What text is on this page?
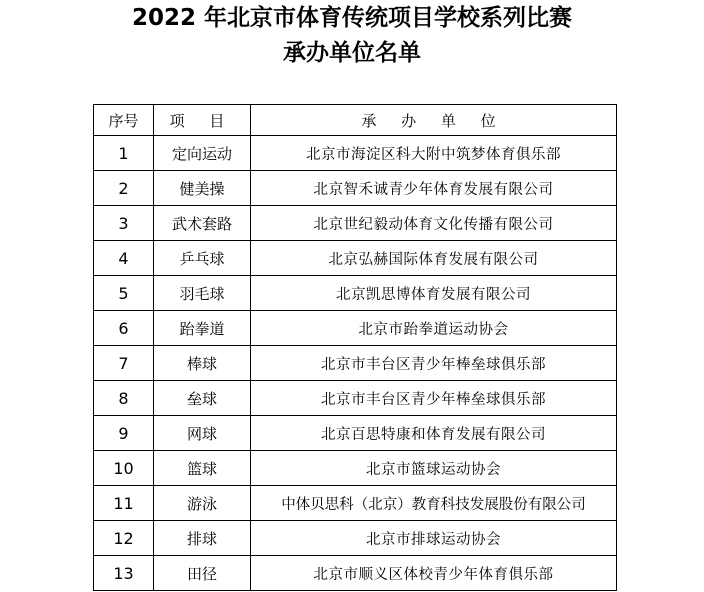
2022 年北京市体育传统项目学校系列比赛
承办单位名单
序号	项 目	承 办 单 位
1	定向运动	北京市海淀区科大附中筑梦体育俱乐部
2	健美操	北京智禾诚青少年体育发展有限公司
3	武术套路	北京世纪毅动体育文化传播有限公司
4	乒乓球	北京弘赫国际体育发展有限公司
5	羽毛球	北京凯思博体育发展有限公司
6	跆拳道	北京市跆拳道运动协会
7	棒球	北京市丰台区青少年棒垒球俱乐部
8	垒球	北京市丰台区青少年棒垒球俱乐部
9	网球	北京百思特康和体育发展有限公司
10	篮球	北京市篮球运动协会
11	游泳	中体贝思科（北京）教育科技发展股份有限公司
12	排球	北京市排球运动协会
13	田径	北京市顺义区体校青少年体育俱乐部
